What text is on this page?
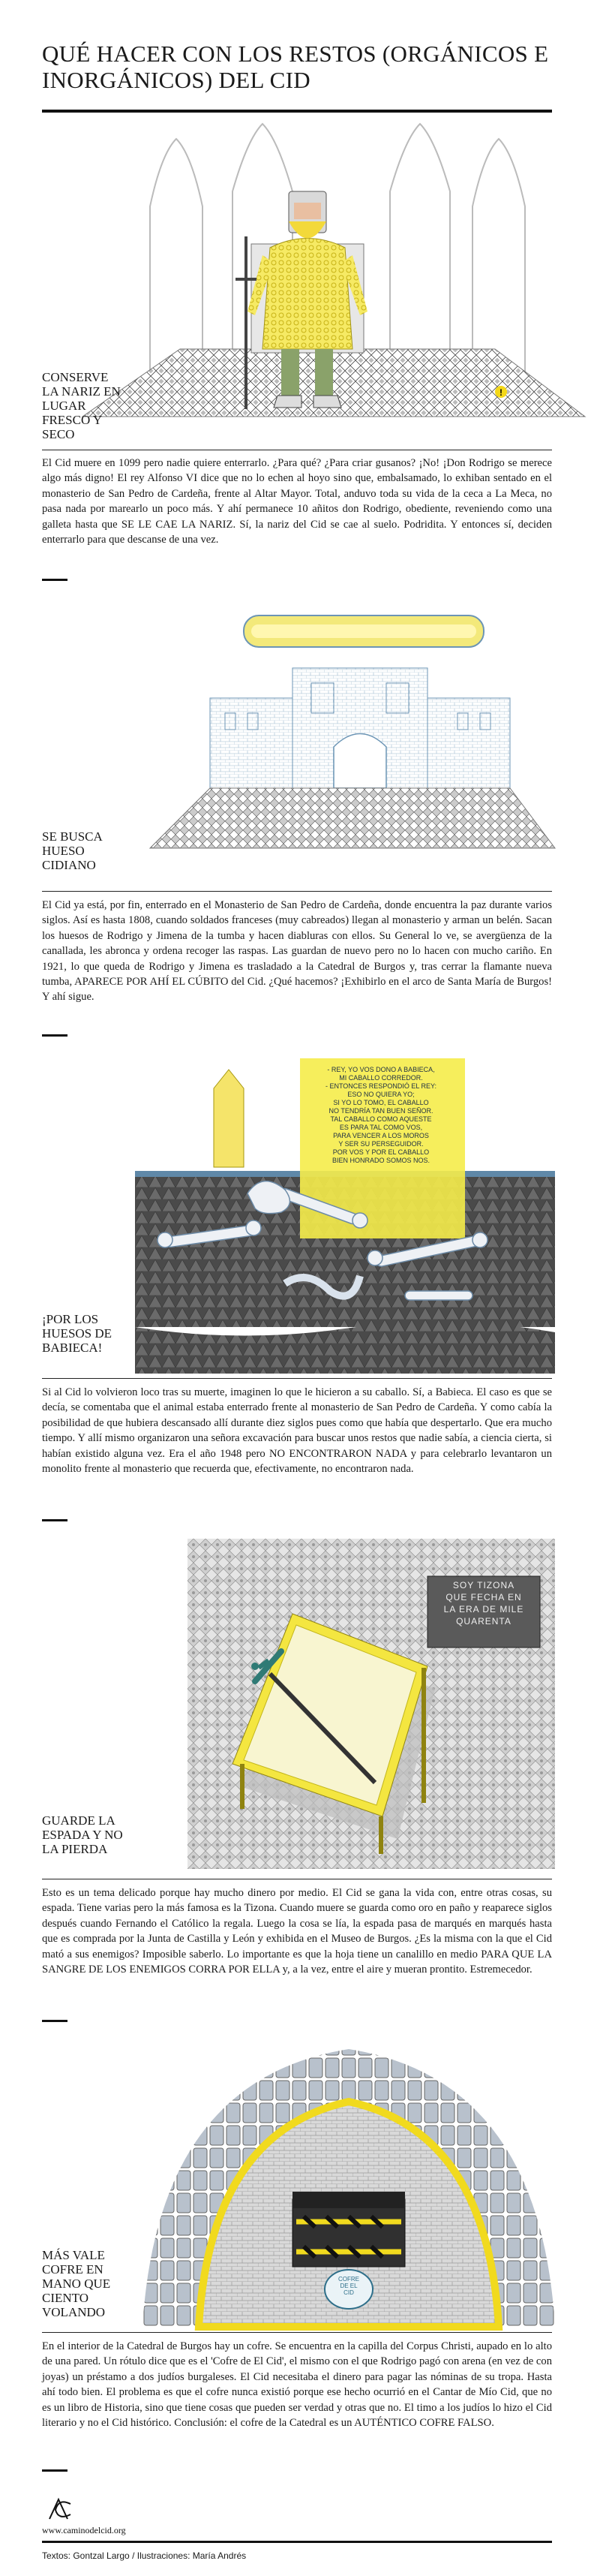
QUÉ HACER CON LOS RESTOS (ORGÁNICOS E INORGÁNICOS) DEL CID
!
CONSERVE LA NARIZ EN LUGAR FRESCO Y SECO

El Cid muere en 1099 pero nadie quiere enterrarlo. ¿Para qué? ¿Para criar gusanos? ¡No! ¡Don Rodrigo se merece algo más digno! El rey Alfonso VI dice que no lo echen al hoyo sino que, embalsamado, lo exhiban sentado en el monasterio de San Pedro de Cardeña, frente al Altar Mayor. Total, anduvo toda su vida de la ceca a La Meca, no pasa nada por marearlo un poco más. Y ahí permanece 10 añitos don Rodrigo, obediente, reveniendo como una galleta hasta que SE LE CAE LA NARIZ. Sí, la nariz del Cid se cae al suelo. Podridita. Y entonces sí, deciden enterrarlo para que descanse de una vez.

SE BUSCA HUESO CIDIANO

El Cid ya está, por fin, enterrado en el Monasterio de San Pedro de Cardeña, donde encuentra la paz durante varios siglos. Así es hasta 1808, cuando soldados franceses (muy cabreados) llegan al monasterio y arman un belén. Sacan los huesos de Rodrigo y Jimena de la tumba y hacen diabluras con ellos. Su General lo ve, se avergüenza de la canallada, les abronca y ordena recoger las raspas. Las guardan de nuevo pero no lo hacen con mucho cariño. En 1921, lo que queda de Rodrigo y Jimena es trasladado a la Catedral de Burgos y, tras cerrar la flamante nueva tumba, APARECE POR AHÍ EL CÚBITO del Cid. ¿Qué hacemos? ¡Exhibirlo en el arco de Santa María de Burgos! Y ahí sigue.

- REY, YO VOS DONO A BABIECA,
MI CABALLO CORREDOR.
- ENTONCES RESPONDIÓ EL REY:
ESO NO QUIERA YO;
SI YO LO TOMO, EL CABALLO
NO TENDRÍA TAN BUEN SEÑOR.
TAL CABALLO COMO AQUESTE
ES PARA TAL COMO VOS,
PARA VENCER A LOS MOROS
Y SER SU PERSEGUIDOR.
POR VOS Y POR EL CABALLO
BIEN HONRADO SOMOS NOS.
¡POR LOS HUESOS DE BABIECA!

Si al Cid lo volvieron loco tras su muerte, imaginen lo que le hicieron a su caballo. Sí, a Babieca. El caso es que se decía, se comentaba que el animal estaba enterrado frente al monasterio de San Pedro de Cardeña. Y como cabía la posibilidad de que hubiera descansado allí durante diez siglos pues como que había que despertarlo. Que era mucho tiempo. Y allí mismo organizaron una señora excavación para buscar unos restos que nadie sabía, a ciencia cierta, si habían existido alguna vez. Era el año 1948 pero NO ENCONTRARON NADA y para celebrarlo levantaron un monolito frente al monasterio que recuerda que, efectivamente, no encontraron nada.

SOY TIZONA
QUE FECHA EN
LA ERA DE MILE
QUARENTA
GUARDE LA ESPADA Y NO LA PIERDA

Esto es un tema delicado porque hay mucho dinero por medio. El Cid se gana la vida con, entre otras cosas, su espada. Tiene varias pero la más famosa es la Tizona. Cuando muere se guarda como oro en paño y reaparece siglos después cuando Fernando el Católico la regala. Luego la cosa se lía, la espada pasa de marqués en marqués hasta que es comprada por la Junta de Castilla y León y exhibida en el Museo de Burgos. ¿Es la misma con la que el Cid mató a sus enemigos? Imposible saberlo. Lo importante es que la hoja tiene un canalillo en medio PARA QUE LA SANGRE DE LOS ENEMIGOS CORRA POR ELLA y, a la vez, entre el aire y mueran prontito. Estremecedor.

COFRE
DE EL
CID
MÁS VALE COFRE EN MANO QUE CIENTO VOLANDO

En el interior de la Catedral de Burgos hay un cofre. Se encuentra en la capilla del Corpus Christi, aupado en lo alto de una pared. Un rótulo dice que es el 'Cofre de El Cid', el mismo con el que Rodrigo pagó con arena (en vez de con joyas) un préstamo a dos judíos burgaleses. El Cid necesitaba el dinero para pagar las nóminas de su tropa. Hasta ahí todo bien. El problema es que el cofre nunca existió porque ese hecho ocurrió en el Cantar de Mío Cid, que no es un libro de Historia, sino que tiene cosas que pueden ser verdad y otras que no. El timo a los judíos lo hizo el Cid literario y no el Cid histórico. Conclusión: el cofre de la Catedral es un AUTÉNTICO COFRE FALSO.

www.caminodelcid.org
Textos: Gontzal Largo / Ilustraciones: María Andrés
